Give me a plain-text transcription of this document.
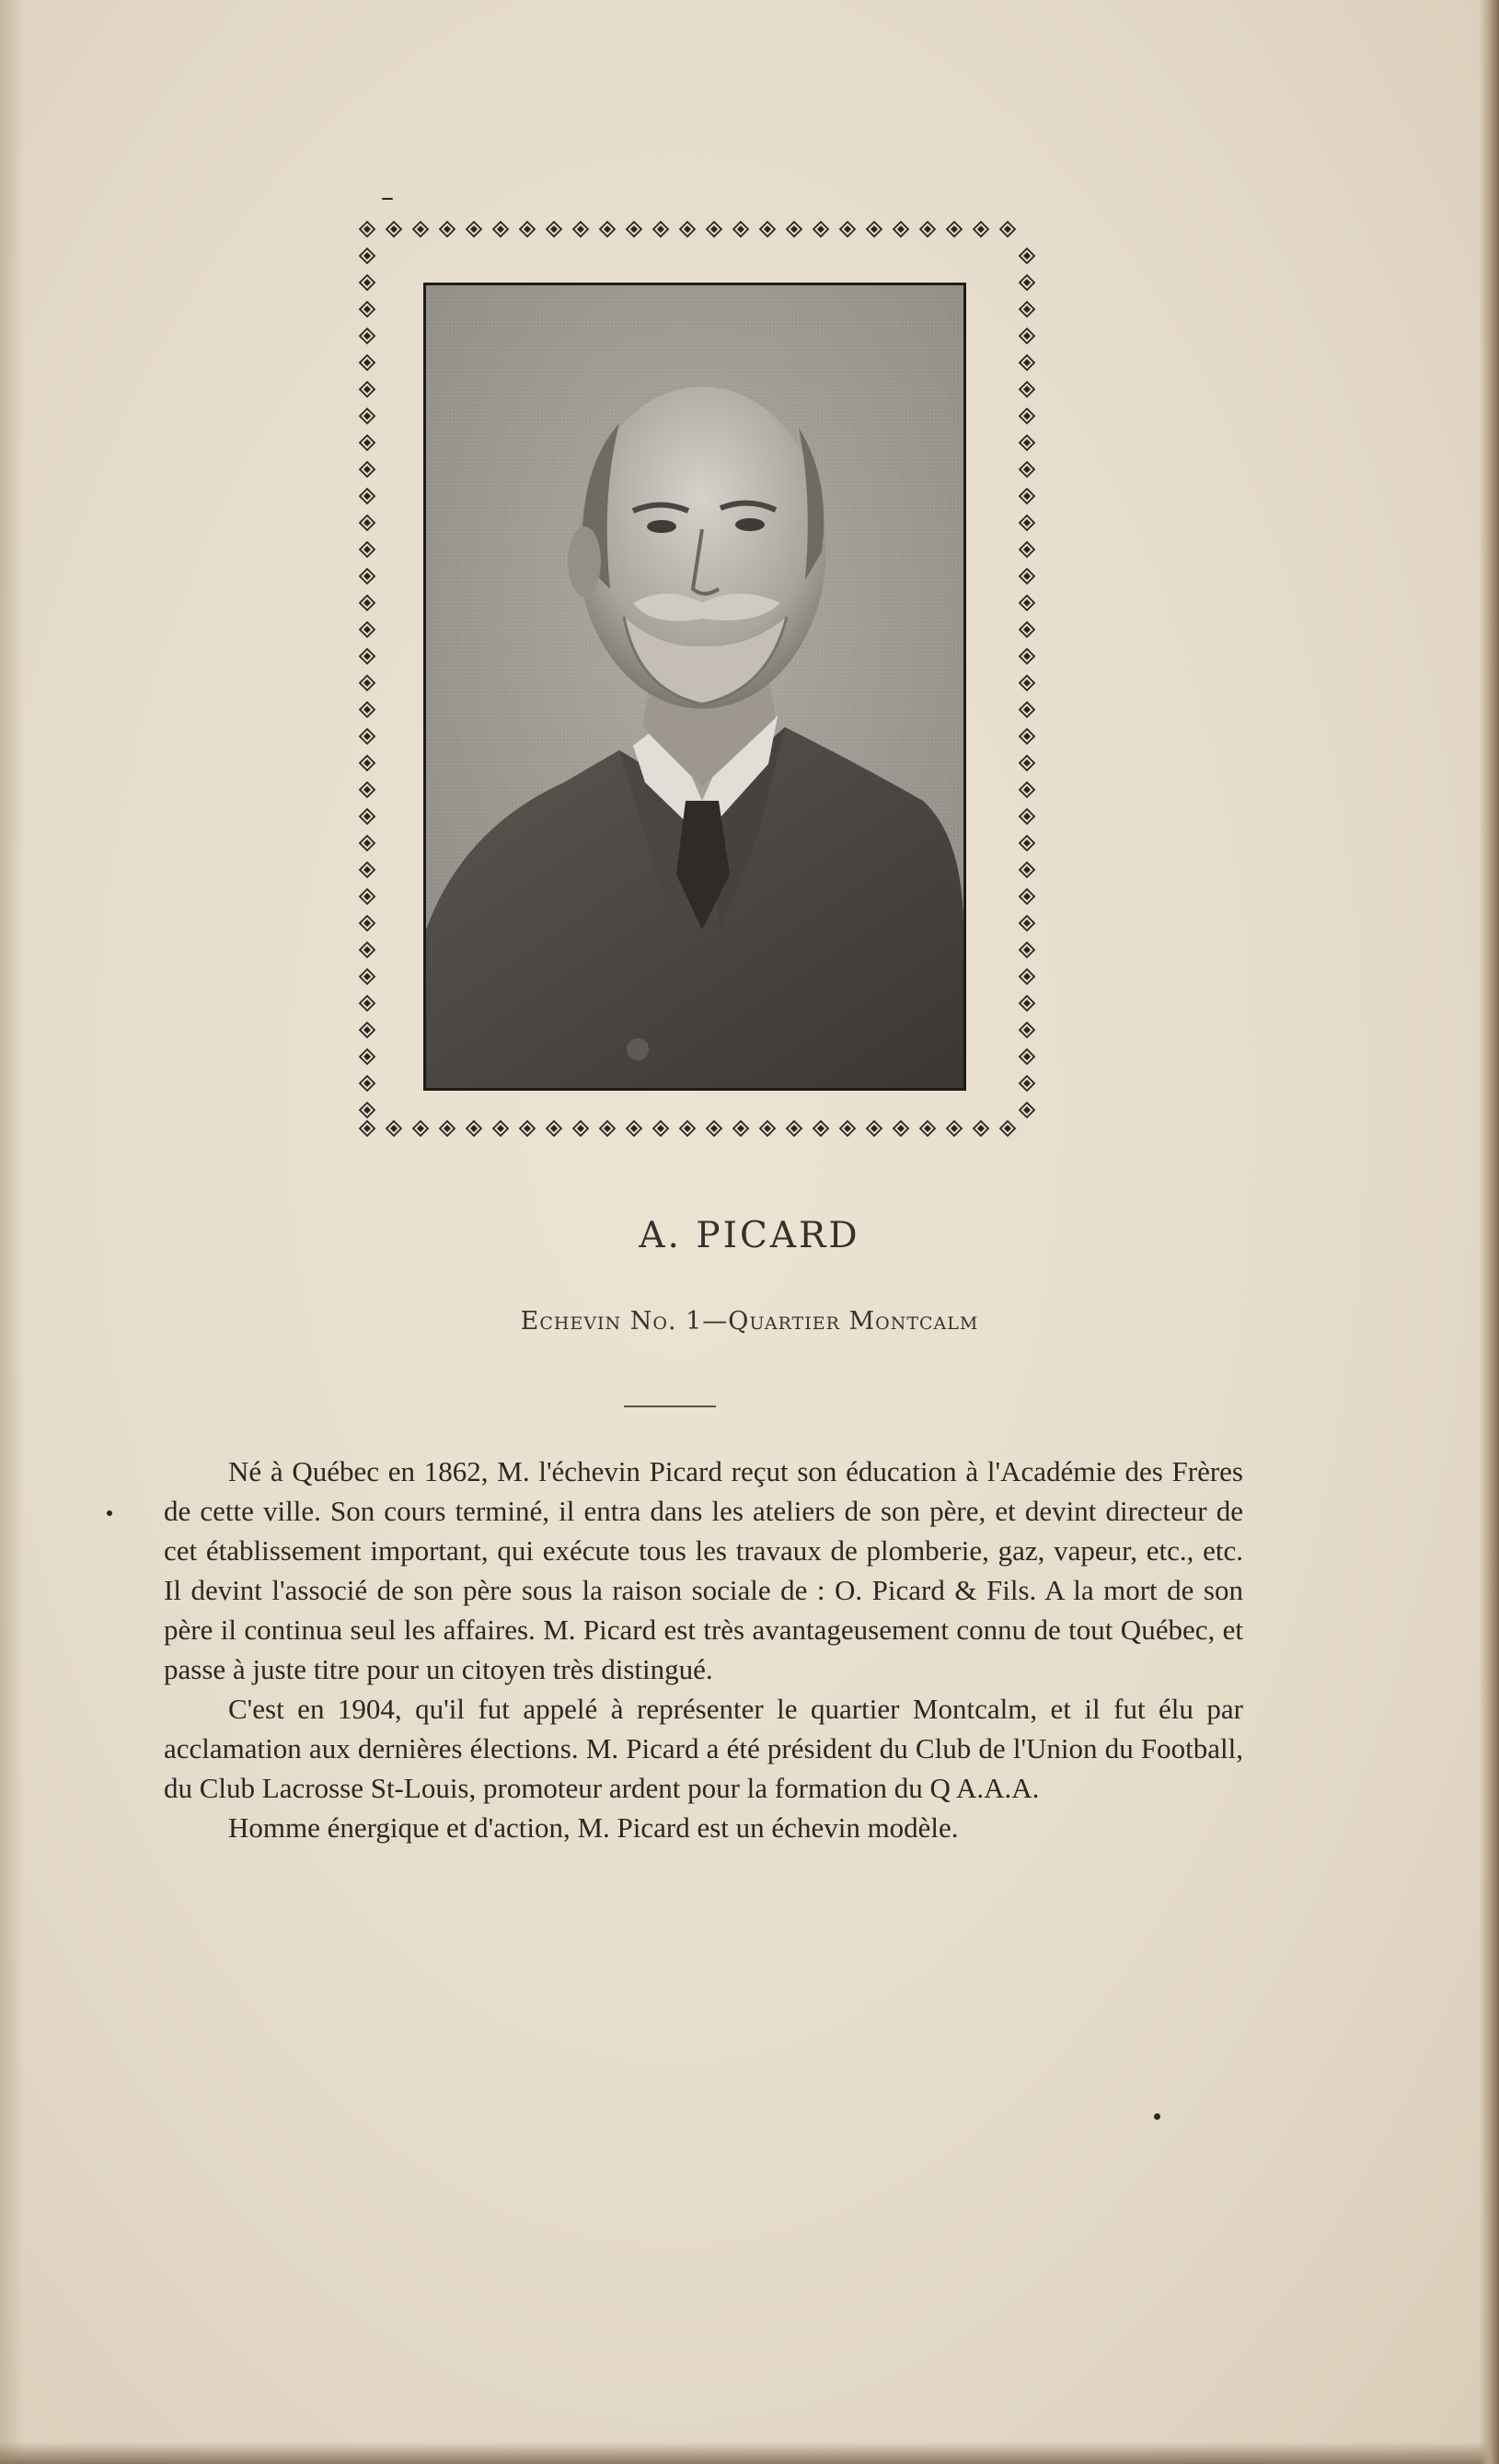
A. PICARD
Echevin No. 1—Quartier Montcalm

Né à Québec en 1862, M. l'échevin Picard reçut son éducation à l'Académie des Frères de cette ville. Son cours terminé, il entra dans les ateliers de son père, et devint directeur de cet établissement important, qui exécute tous les travaux de plomberie, gaz, vapeur, etc., etc. Il devint l'associé de son père sous la raison sociale de : O. Picard & Fils. A la mort de son père il continua seul les affaires. M. Picard est très avantageusement connu de tout Québec, et passe à juste titre pour un citoyen très distingué.

C'est en 1904, qu'il fut appelé à représenter le quartier Montcalm, et il fut élu par acclamation aux dernières élections. M. Picard a été président du Club de l'Union du Football, du Club Lacrosse St-Louis, promoteur ardent pour la formation du Q A.A.A.

Homme énergique et d'action, M. Picard est un échevin modèle.
